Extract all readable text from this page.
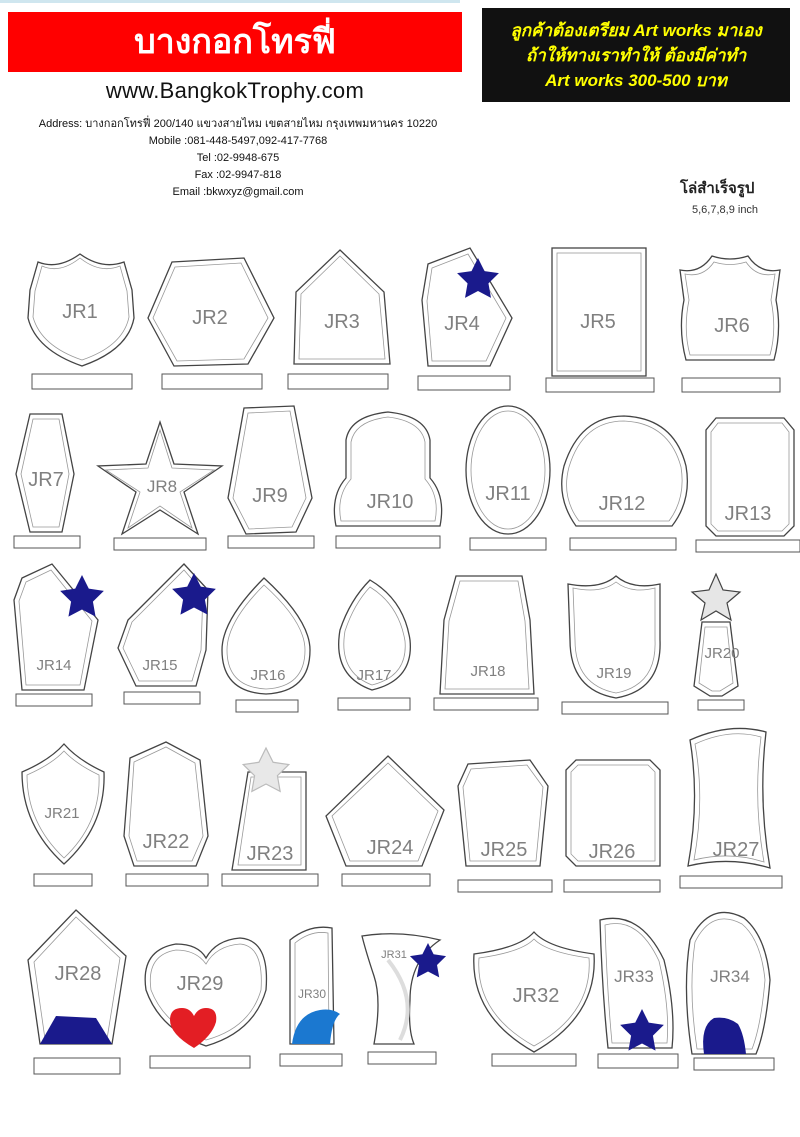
บางกอกโทรฟี่
www.BangkokTrophy.com
Address: บางกอกโทรฟี่ 200/140 แขวงสายไหม เขตสายไหม กรุงเทพมหานคร 10220
Mobile :081-448-5497,092-417-7768
Tel :02-9948-675
Fax :02-9947-818
Email :bkwxyz@gmail.com
ลูกค้าต้องเตรียม Art works มาเอง
ถ้าให้ทางเราทำให้ ต้องมีค่าทำ
Art works 300-500 บาท
โล่สำเร็จรูป
5,6,7,8,9 inch
JR1	JR2	JR3	JR4	JR5	JR6
JR7	JR8	JR9	JR10	JR11	JR12	JR13
JR14	JR15
JR16	JR17	JR18	JR19
JR20
JR21
JR22
JR23	JR24	JR25	JR26	JR27
JR28	JR29	JR30
JR31
JR32
JR33	JR34
